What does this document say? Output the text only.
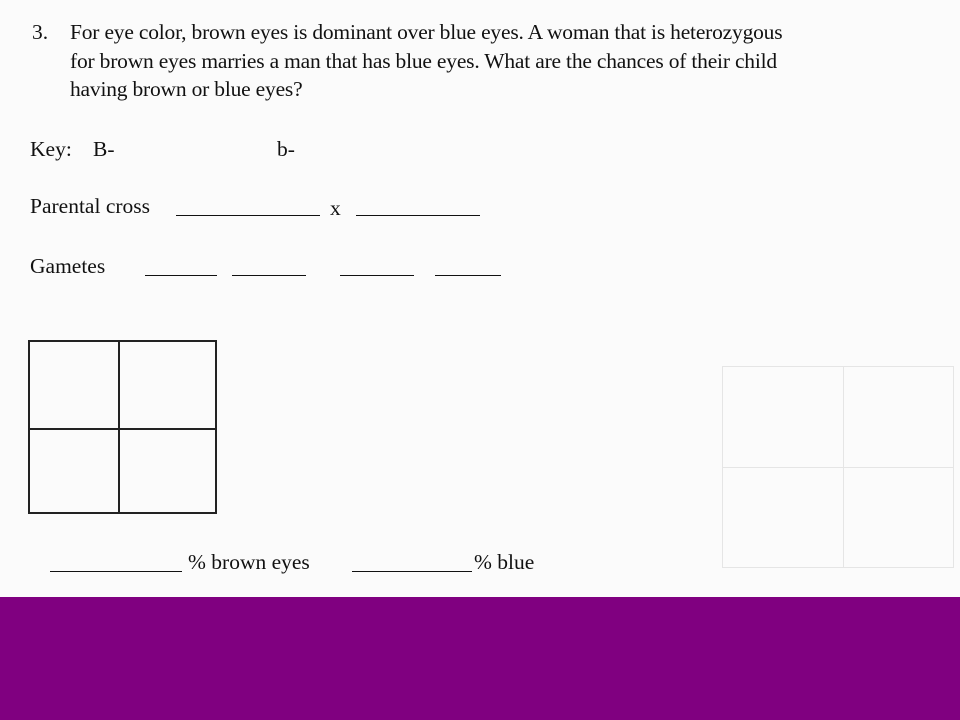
3. For eye color, brown eyes is dominant over blue eyes. A woman that is heterozygous
for brown eyes marries a man that has blue eyes. What are the chances of their child
having brown or blue eyes?
Key: B-	b-
Parental cross	x
Gametes
% brown eyes	% blue
